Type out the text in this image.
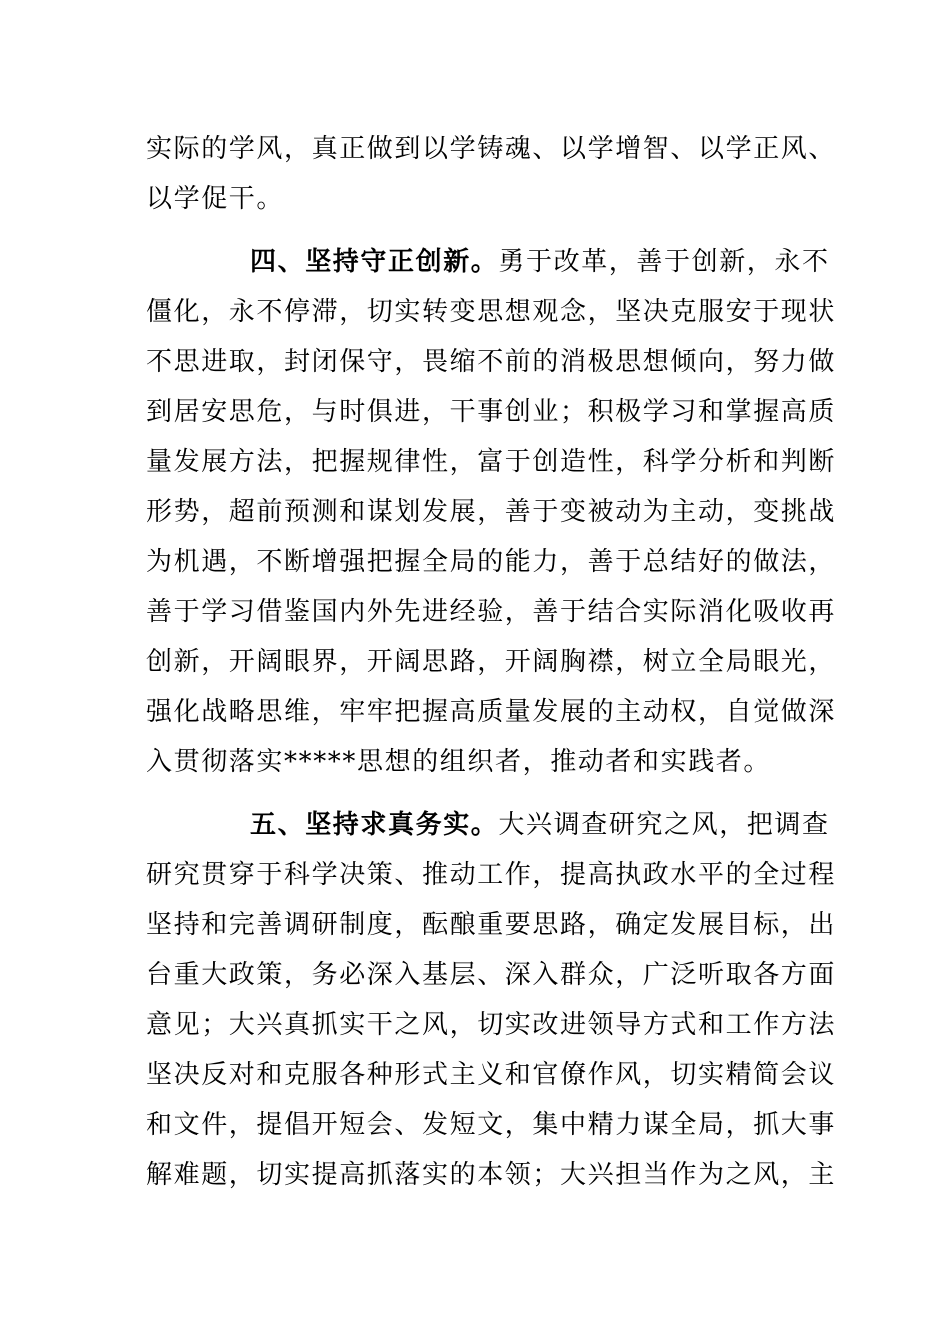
实际的学风，真正做到以学铸魂、以学增智、以学正风、
以学促干。
四、坚持守正创新。勇于改革，善于创新，永不
僵化，永不停滞，切实转变思想观念，坚决克服安于现状
不思进取，封闭保守，畏缩不前的消极思想倾向，努力做
到居安思危，与时俱进，干事创业；积极学习和掌握高质
量发展方法，把握规律性，富于创造性，科学分析和判断
形势，超前预测和谋划发展，善于变被动为主动，变挑战
为机遇，不断增强把握全局的能力，善于总结好的做法，
善于学习借鉴国内外先进经验，善于结合实际消化吸收再
创新，开阔眼界，开阔思路，开阔胸襟，树立全局眼光，
强化战略思维，牢牢把握高质量发展的主动权，自觉做深
入贯彻落实*****思想的组织者，推动者和实践者。
五、坚持求真务实。大兴调查研究之风，把调查
研究贯穿于科学决策、推动工作，提高执政水平的全过程
坚持和完善调研制度，酝酿重要思路，确定发展目标，出
台重大政策，务必深入基层、深入群众，广泛听取各方面
意见；大兴真抓实干之风，切实改进领导方式和工作方法
坚决反对和克服各种形式主义和官僚作风，切实精简会议
和文件，提倡开短会、发短文，集中精力谋全局，抓大事
解难题，切实提高抓落实的本领；大兴担当作为之风，主
